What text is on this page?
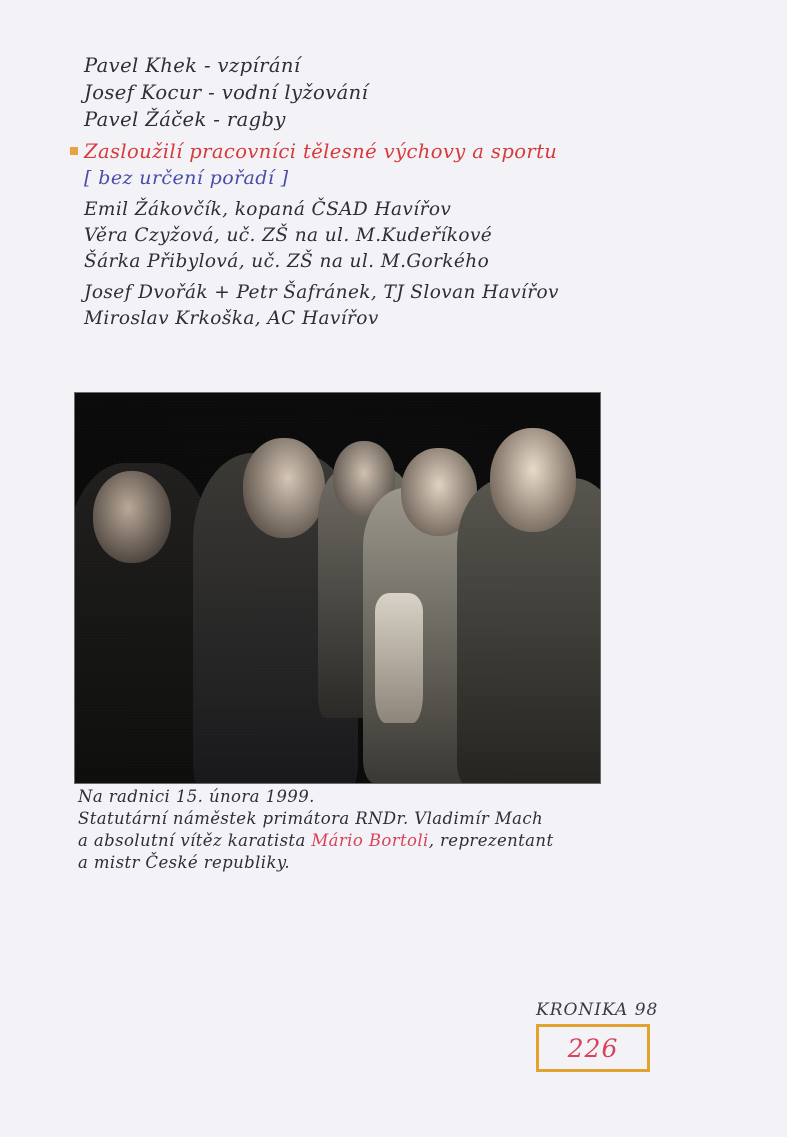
Pavel Khek - vzpírání
Josef Kocur - vodní lyžování
Pavel Žáček - ragby
Zasloužilí pracovníci tělesné výchovy a sportu
[ bez určení pořadí ]
Emil Žákovčík, kopaná ČSAD Havířov
Věra Czyžová, uč. ZŠ na ul. M.Kudeříkové
Šárka Přibylová, uč. ZŠ na ul. M.Gorkého
Josef Dvořák + Petr Šafránek, TJ Slovan Havířov
Miroslav Krkoška, AC Havířov
Na radnici 15. února 1999.
Statutární náměstek primátora RNDr. Vladimír Mach
a absolutní vítěz karatista Mário Bortoli, reprezentant
a mistr České republiky.
KRONIKA 98
226
